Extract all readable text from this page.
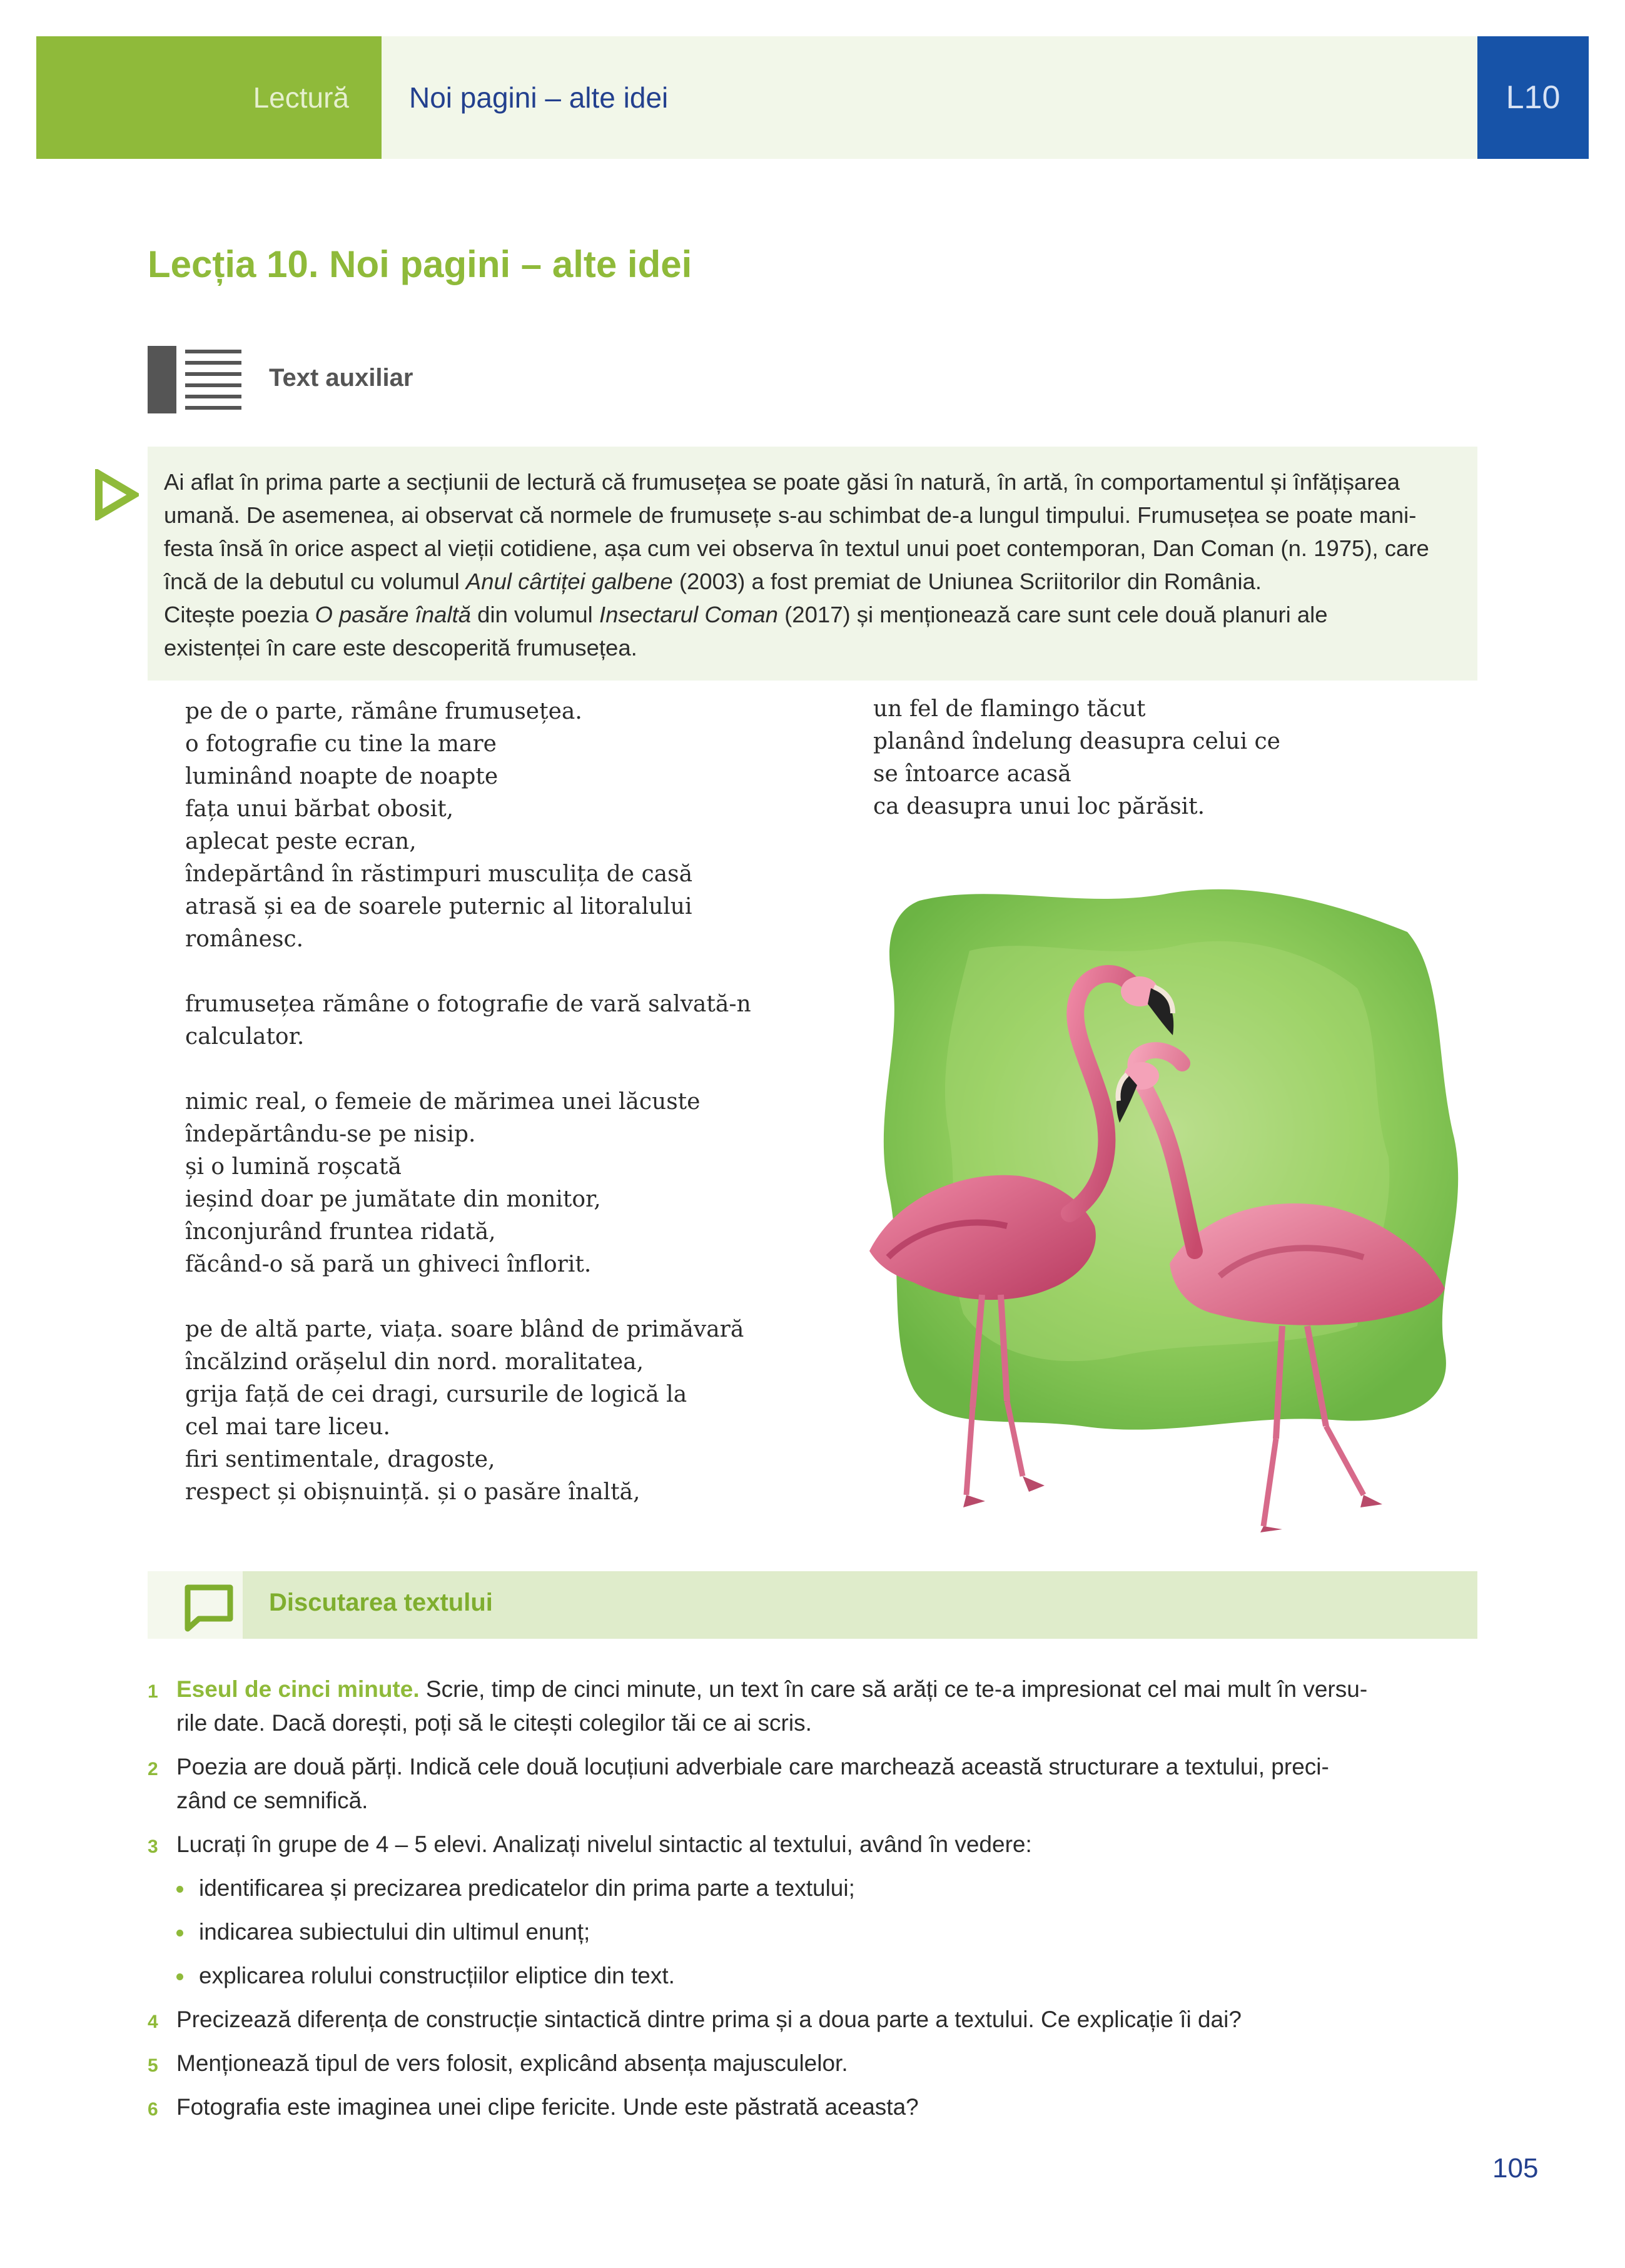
Lectură Noi pagini – alte idei	L10
Lecția 10. Noi pagini – alte idei
Text auxiliar

Ai aflat în prima parte a secțiunii de lectură că frumusețea se poate găsi în natură, în artă, în comportamentul și înfățișarea
umană. De asemenea, ai observat că normele de frumusețe s-au schimbat de-a lungul timpului. Frumusețea se poate mani-
festa însă în orice aspect al vieții cotidiene, așa cum vei observa în textul unui poet contemporan, Dan Coman (n. 1975), care
încă de la debutul cu volumul Anul cârtiței galbene (2003) a fost premiat de Uniunea Scriitorilor din România.
Citește poezia O pasăre înaltă din volumul Insectarul Coman (2017) și menționează care sunt cele două planuri ale
existenței în care este descoperită frumusețea.

pe de o parte, rămâne frumusețea.
o fotografie cu tine la mare
luminând noapte de noapte
fața unui bărbat obosit,
aplecat peste ecran,
îndepărtând în răstimpuri musculița de casă
atrasă și ea de soarele puternic al litoralului
românesc.
frumusețea rămâne o fotografie de vară salvată-n
calculator.
nimic real, o femeie de mărimea unei lăcuste
îndepărtându-se pe nisip.
și o lumină roșcată
ieșind doar pe jumătate din monitor,
înconjurând fruntea ridată,
făcând-o să pară un ghiveci înflorit.
pe de altă parte, viața. soare blând de primăvară
încălzind orășelul din nord. moralitatea,
grija față de cei dragi, cursurile de logică la
cel mai tare liceu.
firi sentimentale, dragoste,
respect și obișnuință. și o pasăre înaltă,
un fel de flamingo tăcut
planând îndelung deasupra celui ce
se întoarce acasă
ca deasupra unui loc părăsit.
Discutarea textului
1 Eseul de cinci minute. Scrie, timp de cinci minute, un text în care să arăți ce te-a impresionat cel mai mult în versu-
rile date. Dacă dorești, poți să le citești colegilor tăi ce ai scris.
2 Poezia are două părți. Indică cele două locuțiuni adverbiale care marchează această structurare a textului, preci-
zând ce semnifică.
3 Lucrați în grupe de 4 – 5 elevi. Analizați nivelul sintactic al textului, având în vedere:
identificarea și precizarea predicatelor din prima parte a textului;
indicarea subiectului din ultimul enunț;
explicarea rolului construcțiilor eliptice din text.
4 Precizează diferența de construcție sintactică dintre prima și a doua parte a textului. Ce explicație îi dai?
5 Menționează tipul de vers folosit, explicând absența majusculelor.
6 Fotografia este imaginea unei clipe fericite. Unde este păstrată aceasta?
105
